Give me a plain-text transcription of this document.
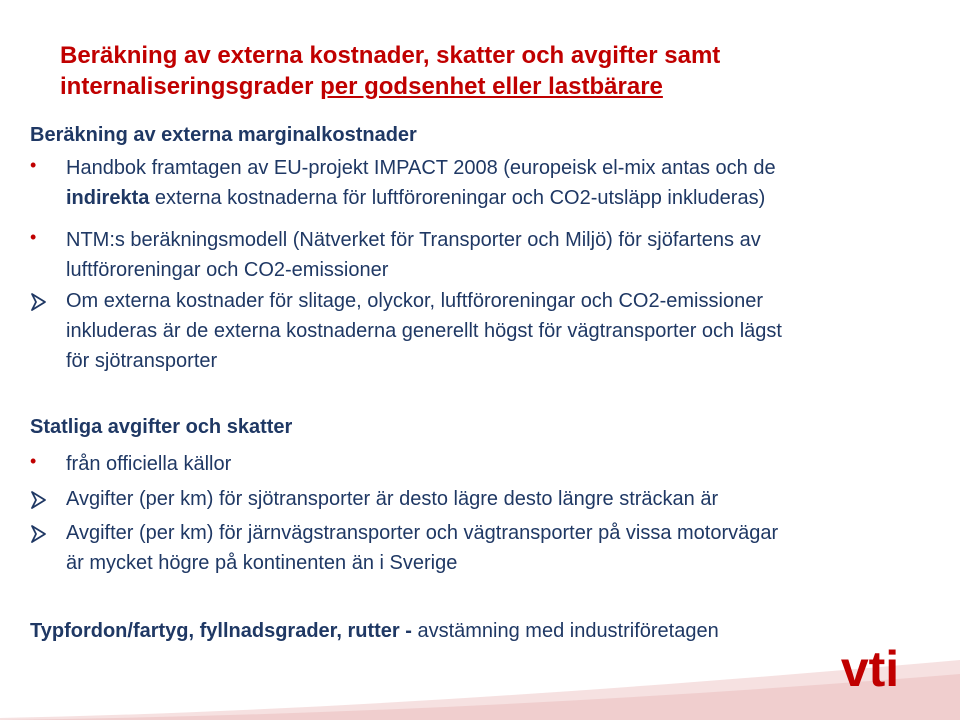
Beräkning av externa kostnader, skatter och avgifter samt
internaliseringsgrader per godsenhet eller lastbärare
Beräkning av externa marginalkostnader
• Handbok framtagen av EU-projekt IMPACT 2008 (europeisk el-mix antas och de
indirekta externa kostnaderna för luftföroreningar och CO2-utsläpp inkluderas)
• NTM:s beräkningsmodell (Nätverket för Transporter och Miljö) för sjöfartens av
luftföroreningar och CO2-emissioner
Om externa kostnader för slitage, olyckor, luftföroreningar och CO2-emissioner
inkluderas är de externa kostnaderna generellt högst för vägtransporter och lägst
för sjötransporter
Statliga avgifter och skatter
• från officiella källor
Avgifter (per km) för sjötransporter är desto lägre desto längre sträckan är
Avgifter (per km) för järnvägstransporter och vägtransporter på vissa motorvägar
är mycket högre på kontinenten än i Sverige
Typfordon/fartyg, fyllnadsgrader, rutter - avstämning med industriföretagen
vti
